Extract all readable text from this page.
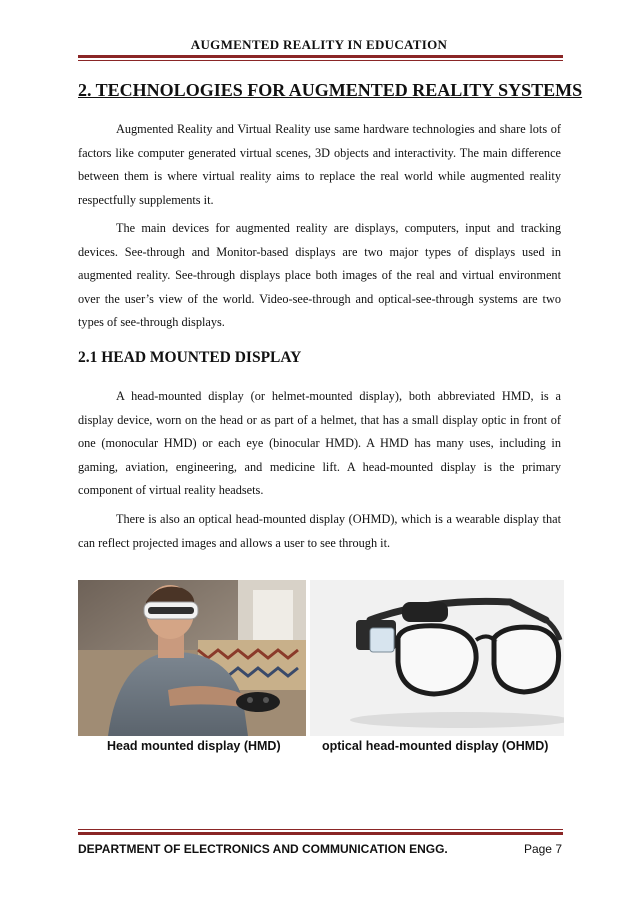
AUGMENTED REALITY IN EDUCATION
2. TECHNOLOGIES FOR AUGMENTED REALITY SYSTEMS

Augmented Reality and Virtual Reality use same hardware technologies and share lots of factors like computer generated virtual scenes, 3D objects and interactivity. The main difference between them is where virtual reality aims to replace the real world while augmented reality respectfully supplements it.

The main devices for augmented reality are displays, computers, input and tracking devices. See-through and Monitor-based displays are two major types of displays used in augmented reality. See-through displays place both images of the real and virtual environment over the user’s view of the world. Video-see-through and optical-see-through systems are two types of see-through displays.

2.1 HEAD MOUNTED DISPLAY

A head-mounted display (or helmet-mounted display), both abbreviated HMD, is a display device, worn on the head or as part of a helmet, that has a small display optic in front of one (monocular HMD) or each eye (binocular HMD). A HMD has many uses, including in gaming, aviation, engineering, and medicine lift. A head-mounted display is the primary component of virtual reality headsets.

There is also an optical head-mounted display (OHMD), which is a wearable display that can reflect projected images and allows a user to see through it.

Head mounted display (HMD)	optical head-mounted display (OHMD)
DEPARTMENT OF ELECTRONICS AND COMMUNICATION ENGG.	Page 7
